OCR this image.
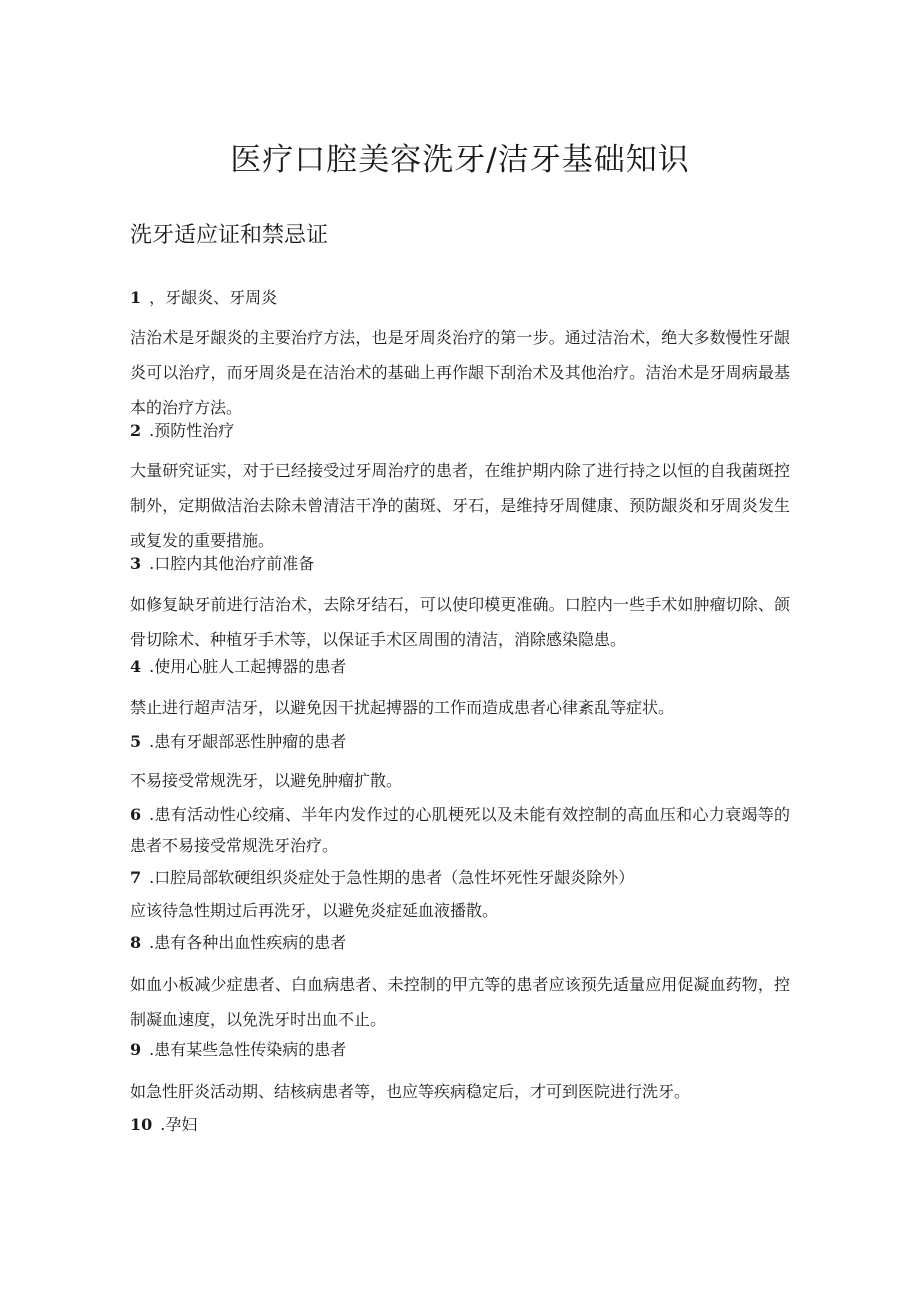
医疗口腔美容洗牙/洁牙基础知识
洗牙适应证和禁忌证
1 ，牙龈炎、牙周炎
洁治术是牙龈炎的主要治疗方法，也是牙周炎治疗的第一步。通过洁治术，绝大多数慢性牙龈炎可以治疗，而牙周炎是在洁治术的基础上再作龈下刮治术及其他治疗。洁治术是牙周病最基本的治疗方法。
2 .预防性治疗
大量研究证实，对于已经接受过牙周治疗的患者，在维护期内除了进行持之以恒的自我菌斑控制外，定期做洁治去除未曾清洁干净的菌斑、牙石，是维持牙周健康、预防龈炎和牙周炎发生或复发的重要措施。
3 .口腔内其他治疗前准备
如修复缺牙前进行洁治术，去除牙结石，可以使印模更准确。口腔内一些手术如肿瘤切除、颌骨切除术、种植牙手术等，以保证手术区周围的清洁，消除感染隐患。
4 .使用心脏人工起搏器的患者
禁止进行超声洁牙，以避免因干扰起搏器的工作而造成患者心律紊乱等症状。
5 .患有牙龈部恶性肿瘤的患者
不易接受常规洗牙，以避免肿瘤扩散。
6 .患有活动性心绞痛、半年内发作过的心肌梗死以及未能有效控制的高血压和心力衰竭等的患者不易接受常规洗牙治疗。
7 .口腔局部软硬组织炎症处于急性期的患者（急性坏死性牙龈炎除外）
应该待急性期过后再洗牙，以避免炎症延血液播散。
8 .患有各种出血性疾病的患者
如血小板减少症患者、白血病患者、未控制的甲亢等的患者应该预先适量应用促凝血药物，控制凝血速度，以免洗牙时出血不止。
9 .患有某些急性传染病的患者
如急性肝炎活动期、结核病患者等，也应等疾病稳定后，才可到医院进行洗牙。
10 .孕妇
